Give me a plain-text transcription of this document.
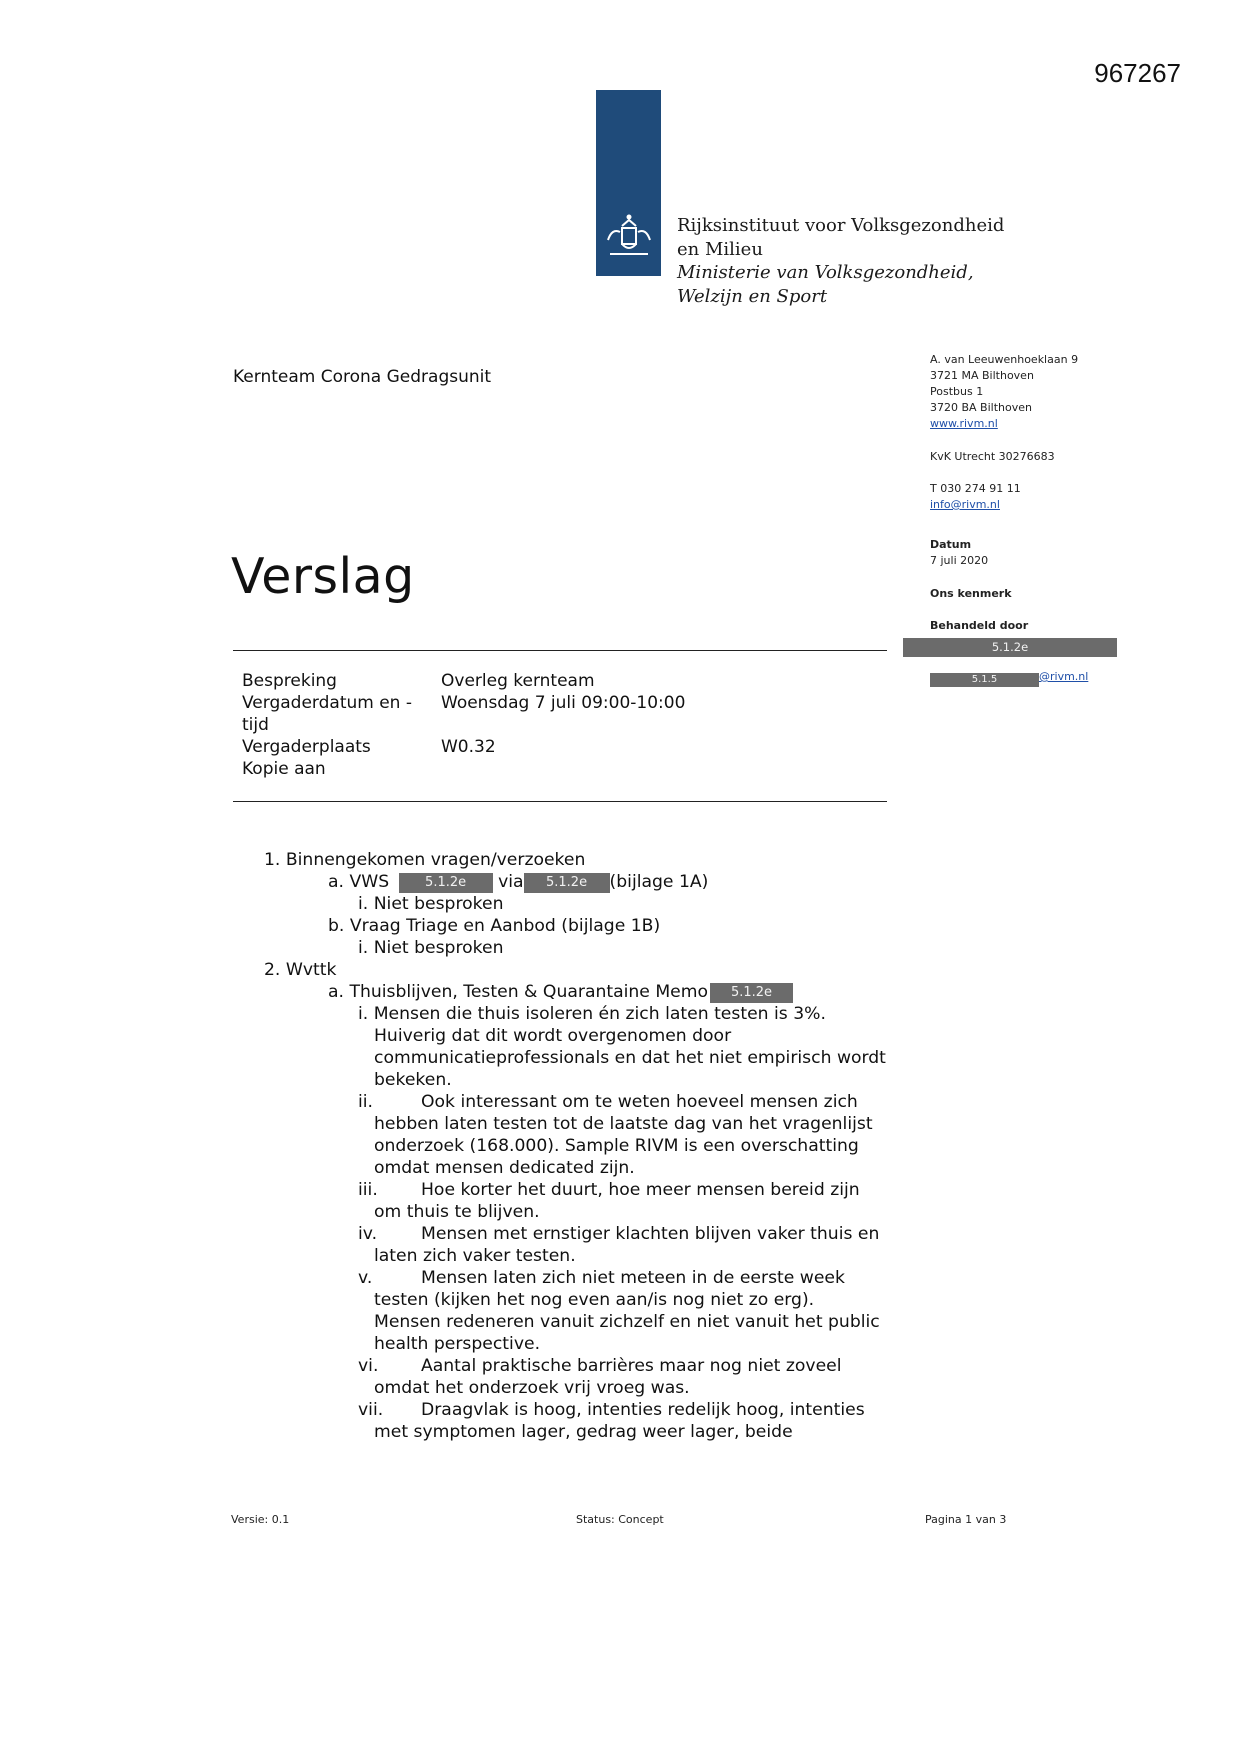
967267
Rijksinstituut voor Volksgezondheid
en Milieu
Ministerie van Volksgezondheid,
Welzijn en Sport
Kernteam Corona Gedragsunit
Verslag
A. van Leeuwenhoeklaan 9
3721 MA Bilthoven
Postbus 1
3720 BA Bilthoven
www.rivm.nl
KvK Utrecht 30276683
T 030 274 91 11
info@rivm.nl
Datum
7 juli 2020
Ons kenmerk
Behandeld door
5.1.2e
5.1.5	@rivm.nl
Bespreking	Overleg kernteam
Vergaderdatum en -
tijd	Woensdag 7 juli 09:00-10:00
Vergaderplaats	W0.32
Kopie aan	
1. Binnengekomen vragen/verzoeken
a. VWS	5.1.2e via 5.1.2e (bijlage 1A)
i. Niet besproken
b. Vraag Triage en Aanbod (bijlage 1B)
i. Niet besproken
2. Wvttk
a. Thuisblijven, Testen & Quarantaine Memo 5.1.2e
i. Mensen die thuis isoleren én zich laten testen is 3%.
Huiverig dat dit wordt overgenomen door
communicatieprofessionals en dat het niet empirisch wordt
bekeken.
ii.	Ook interessant om te weten hoeveel mensen zich
hebben laten testen tot de laatste dag van het vragenlijst
onderzoek (168.000). Sample RIVM is een overschatting
omdat mensen dedicated zijn.
iii.	Hoe korter het duurt, hoe meer mensen bereid zijn
om thuis te blijven.
iv.	Mensen met ernstiger klachten blijven vaker thuis en
laten zich vaker testen.
v.	Mensen laten zich niet meteen in de eerste week
testen (kijken het nog even aan/is nog niet zo erg).
Mensen redeneren vanuit zichzelf en niet vanuit het public
health perspective.
vi. Aantal praktische barrières maar nog niet zoveel
omdat het onderzoek vrij vroeg was.
vii. Draagvlak is hoog, intenties redelijk hoog, intenties
met symptomen lager, gedrag weer lager, beide
Versie: 0.1	Status: Concept	Pagina 1 van 3
